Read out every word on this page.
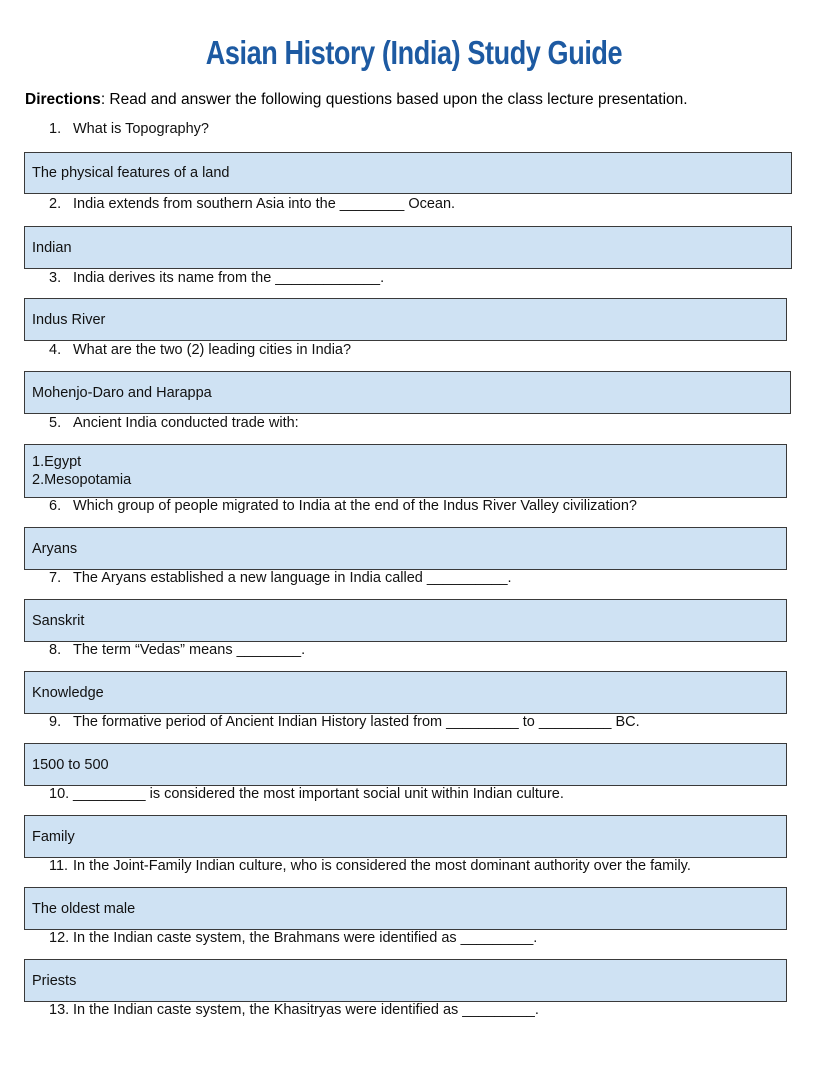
Asian History (India) Study Guide
Directions: Read and answer the following questions based upon the class lecture presentation.
1. What is Topography?
The physical features of a land
2. India extends from southern Asia into the ________ Ocean.
Indian
3. India derives its name from the _____________.
Indus River
4. What are the two (2) leading cities in India?
Mohenjo-Daro and Harappa
5. Ancient India conducted trade with:
1.Egypt
2.Mesopotamia
6. Which group of people migrated to India at the end of the Indus River Valley civilization?
Aryans
7. The Aryans established a new language in India called __________.
Sanskrit
8. The term “Vedas” means ________.
Knowledge
9. The formative period of Ancient Indian History lasted from _________ to _________ BC.
1500 to 500
10. _________ is considered the most important social unit within Indian culture.
Family
11. In the Joint-Family Indian culture, who is considered the most dominant authority over the family.
The oldest male
12. In the Indian caste system, the Brahmans were identified as _________.
Priests
13. In the Indian caste system, the Khasitryas were identified as _________.
